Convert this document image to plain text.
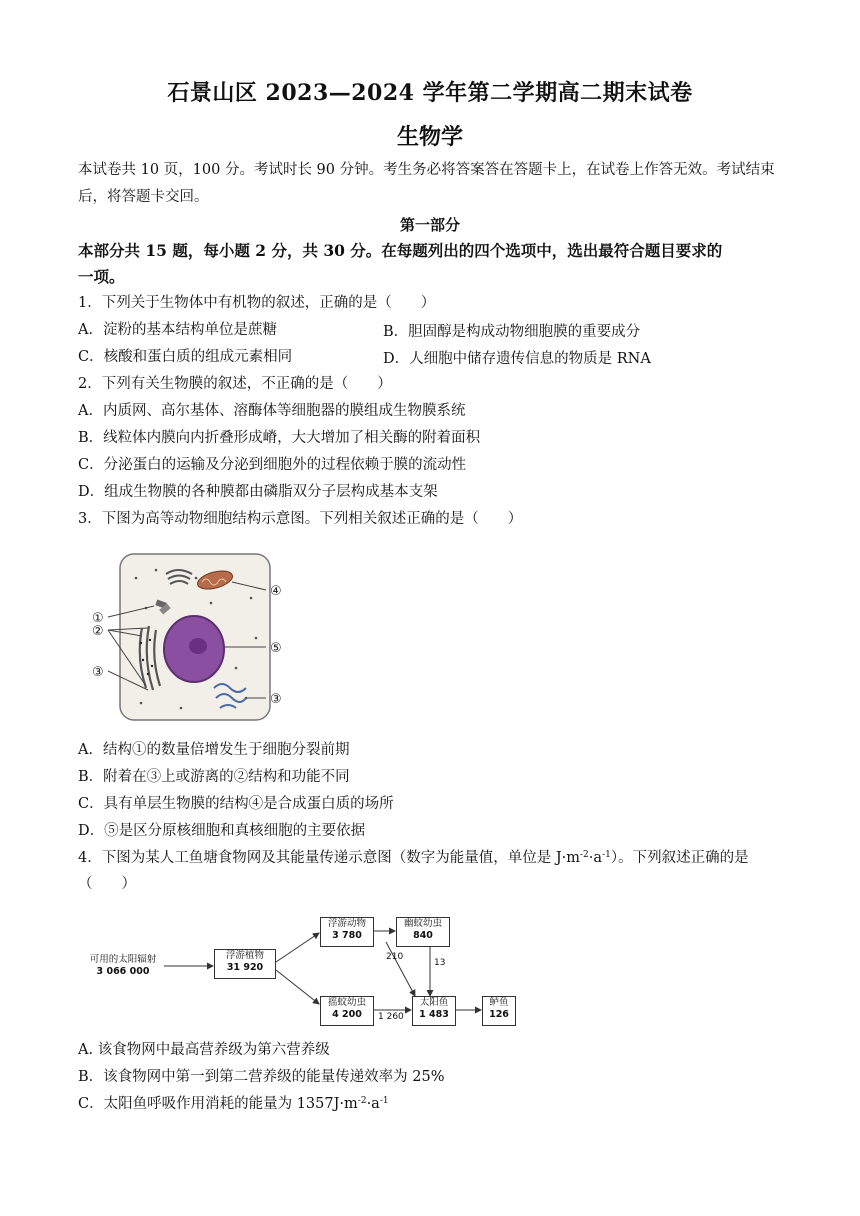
石景山区 2023—2024 学年第二学期高二期末试卷
生物学
本试卷共 10 页，100 分。考试时长 90 分钟。考生务必将答案答在答题卡上，在试卷上作答无效。考试结束
后，将答题卡交回。
第一部分
本部分共 15 题，每小题 2 分，共 30 分。在每题列出的四个选项中，选出最符合题目要求的
一项。
1．下列关于生物体中有机物的叙述，正确的是（　　）
A．淀粉的基本结构单位是蔗糖	B．胆固醇是构成动物细胞膜的重要成分
C．核酸和蛋白质的组成元素相同	D．人细胞中储存遗传信息的物质是 RNA
2．下列有关生物膜的叙述，不正确的是（　　）
A．内质网、高尔基体、溶酶体等细胞器的膜组成生物膜系统
B．线粒体内膜向内折叠形成嵴，大大增加了相关酶的附着面积
C．分泌蛋白的运输及分泌到细胞外的过程依赖于膜的流动性
D．组成生物膜的各种膜都由磷脂双分子层构成基本支架
3．下图为高等动物细胞结构示意图。下列相关叙述正确的是（　　）
①
②
③
④
⑤
③
A．结构①的数量倍增发生于细胞分裂前期
B．附着在③上或游离的②结构和功能不同
C．具有单层生物膜的结构④是合成蛋白质的场所
D．⑤是区分原核细胞和真核细胞的主要依据
4．下图为某人工鱼塘食物网及其能量传递示意图（数字为能量值，单位是 $J\cdot m^{-2}\cdot a^{-1}$）。下列叙述正确的是
（　　）
可用的太阳辐射
3 066 000
浮游植物
31 920
浮游动物
3 780
幽蚊幼虫
840
摇蚊幼虫
4 200
太阳鱼
1 483
鲈鱼
126
210
13
1 260
A. 该食物网中最高营养级为第六营养级
B．该食物网中第一到第二营养级的能量传递效率为 25%
C．太阳鱼呼吸作用消耗的能量为 $1357J\cdot m^{-2}\cdot a^{-1}$
